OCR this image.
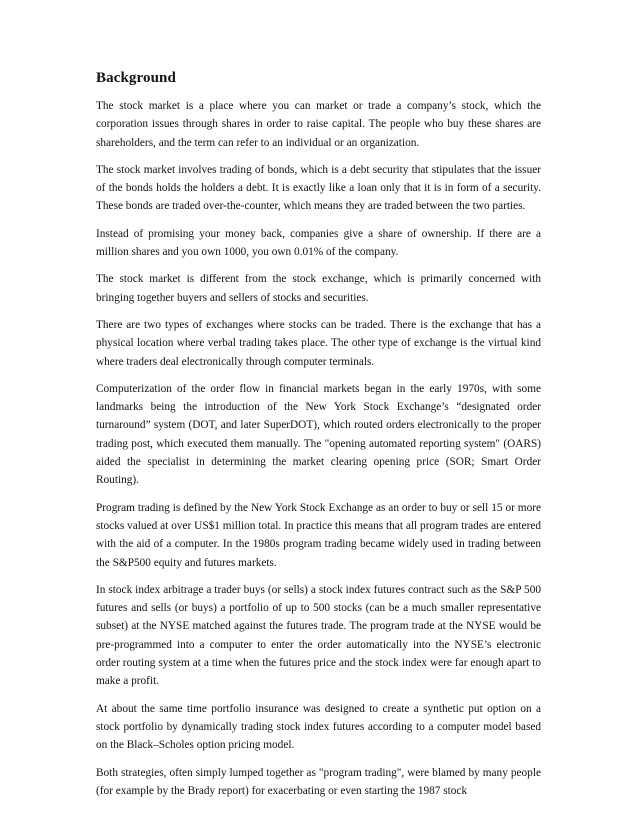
Background

The stock market is a place where you can market or trade a company’s stock, which the corporation issues through shares in order to raise capital. The people who buy these shares are shareholders, and the term can refer to an individual or an organization.

The stock market involves trading of bonds, which is a debt security that stipulates that the issuer of the bonds holds the holders a debt. It is exactly like a loan only that it is in form of a security. These bonds are traded over-the-counter, which means they are traded between the two parties.

Instead of promising your money back, companies give a share of ownership. If there are a million shares and you own 1000, you own 0.01% of the company.

The stock market is different from the stock exchange, which is primarily concerned with bringing together buyers and sellers of stocks and securities.

There are two types of exchanges where stocks can be traded. There is the exchange that has a physical location where verbal trading takes place. The other type of exchange is the virtual kind where traders deal electronically through computer terminals.

Computerization of the order flow in financial markets began in the early 1970s, with some landmarks being the introduction of the New York Stock Exchange’s “designated order turnaround” system (DOT, and later SuperDOT), which routed orders electronically to the proper trading post, which executed them manually. The "opening automated reporting system" (OARS) aided the specialist in determining the market clearing opening price (SOR; Smart Order Routing).

Program trading is defined by the New York Stock Exchange as an order to buy or sell 15 or more stocks valued at over US$1 million total. In practice this means that all program trades are entered with the aid of a computer. In the 1980s program trading became widely used in trading between the S&P500 equity and futures markets.

In stock index arbitrage a trader buys (or sells) a stock index futures contract such as the S&P 500 futures and sells (or buys) a portfolio of up to 500 stocks (can be a much smaller representative subset) at the NYSE matched against the futures trade. The program trade at the NYSE would be pre-programmed into a computer to enter the order automatically into the NYSE’s electronic order routing system at a time when the futures price and the stock index were far enough apart to make a profit.

At about the same time portfolio insurance was designed to create a synthetic put option on a stock portfolio by dynamically trading stock index futures according to a computer model based on the Black–Scholes option pricing model.

Both strategies, often simply lumped together as "program trading", were blamed by many people (for example by the Brady report) for exacerbating or even starting the 1987 stock
